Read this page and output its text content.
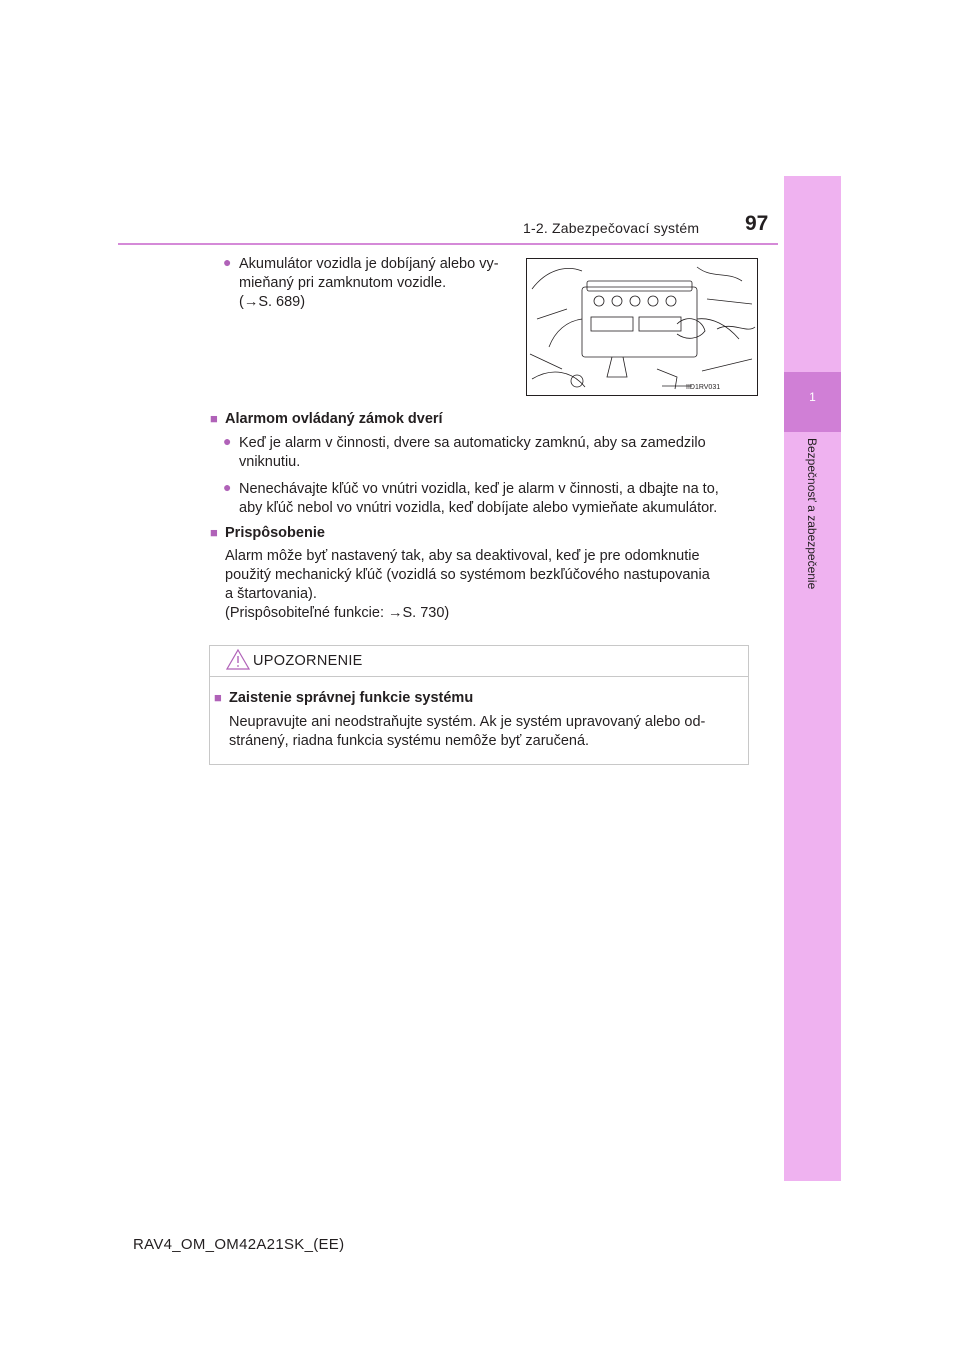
1-2. Zabezpečovací systém 97
1
Bezpečnosť a zabezpečenie
● Akumulátor vozidla je dobíjaný alebo vy-
mieňaný pri zamknutom vozidle.
(→S. 689)
IID1RV031
■ Alarmom ovládaný zámok dverí
● Keď je alarm v činnosti, dvere sa automaticky zamknú, aby sa zamedzilo
vniknutiu.
● Nenechávajte kľúč vo vnútri vozidla, keď je alarm v činnosti, a dbajte na to,
aby kľúč nebol vo vnútri vozidla, keď dobíjate alebo vymieňate akumulátor.
■ Prispôsobenie
Alarm môže byť nastavený tak, aby sa deaktivoval, keď je pre odomknutie
použitý mechanický kľúč (vozidlá so systémom bezkľúčového nastupovania
a štartovania).
(Prispôsobiteľné funkcie: →S. 730)
UPOZORNENIE
■ Zaistenie správnej funkcie systému
Neupravujte ani neodstraňujte systém. Ak je systém upravovaný alebo od-
stránený, riadna funkcia systému nemôže byť zaručená.
RAV4_OM_OM42A21SK_(EE)
